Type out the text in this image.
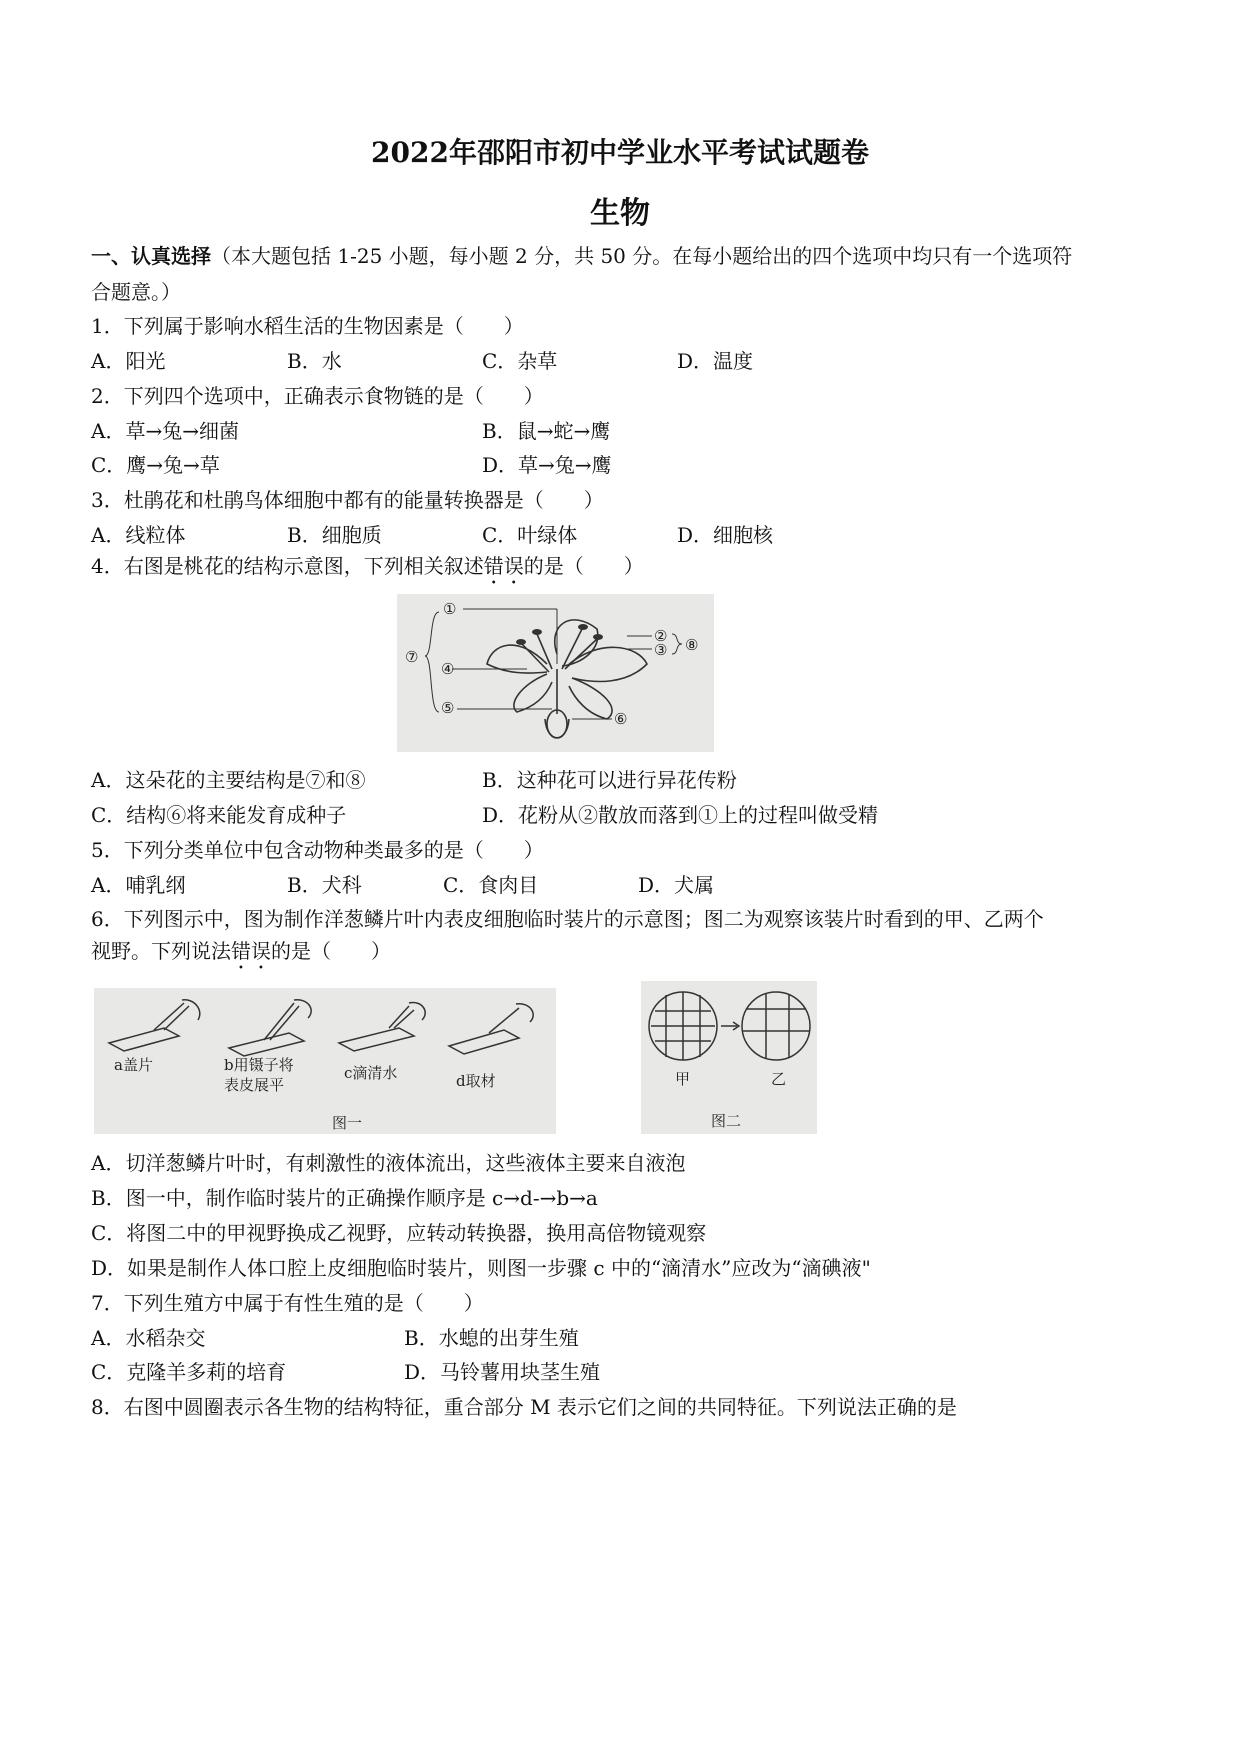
2022年邵阳市初中学业水平考试试题卷
生物
一、认真选择（本大题包括 1-25 小题，每小题 2 分，共 50 分。在每小题给出的四个选项中均只有一个选项符
合题意。）
1．下列属于影响水稻生活的生物因素是（　　）
A．阳光	B．水	C．杂草	D．温度
2．下列四个选项中，正确表示食物链的是（　　）
A．草→兔→细菌	B．鼠→蛇→鹰
C．鹰→兔→草	D．草→兔→鹰
3．杜鹃花和杜鹃鸟体细胞中都有的能量转换器是（　　）
A．线粒体	B．细胞质	C．叶绿体	D．细胞核
4．右图是桃花的结构示意图，下列相关叙述错误的是（　　）
①
②
③
④
⑤
⑥
⑦
⑧
A．这朵花的主要结构是⑦和⑧	B．这种花可以进行异花传粉
C．结构⑥将来能发育成种子	D．花粉从②散放而落到①上的过程叫做受精
5．下列分类单位中包含动物种类最多的是（　　）
A．哺乳纲	B．犬科	C．食肉目	D．犬属
6．下列图示中，图为制作洋葱鳞片叶内表皮细胞临时装片的示意图；图二为观察该装片时看到的甲、乙两个
视野。下列说法错误的是（　　）
a盖片	b用镊子将
表皮展平
c滴清水	d取材
图一
甲	乙
图二
A．切洋葱鳞片叶时，有刺激性的液体流出，这些液体主要来自液泡
B．图一中，制作临时装片的正确操作顺序是 c→d-→b→a
C．将图二中的甲视野换成乙视野，应转动转换器，换用高倍物镜观察
D．如果是制作人体口腔上皮细胞临时装片，则图一步骤 c 中的“滴清水”应改为“滴碘液"
7．下列生殖方中属于有性生殖的是（　　）
A．水稻杂交	B．水螅的出芽生殖
C．克隆羊多莉的培育	D．马铃薯用块茎生殖
8．右图中圆圈表示各生物的结构特征，重合部分 M 表示它们之间的共同特征。下列说法正确的是
